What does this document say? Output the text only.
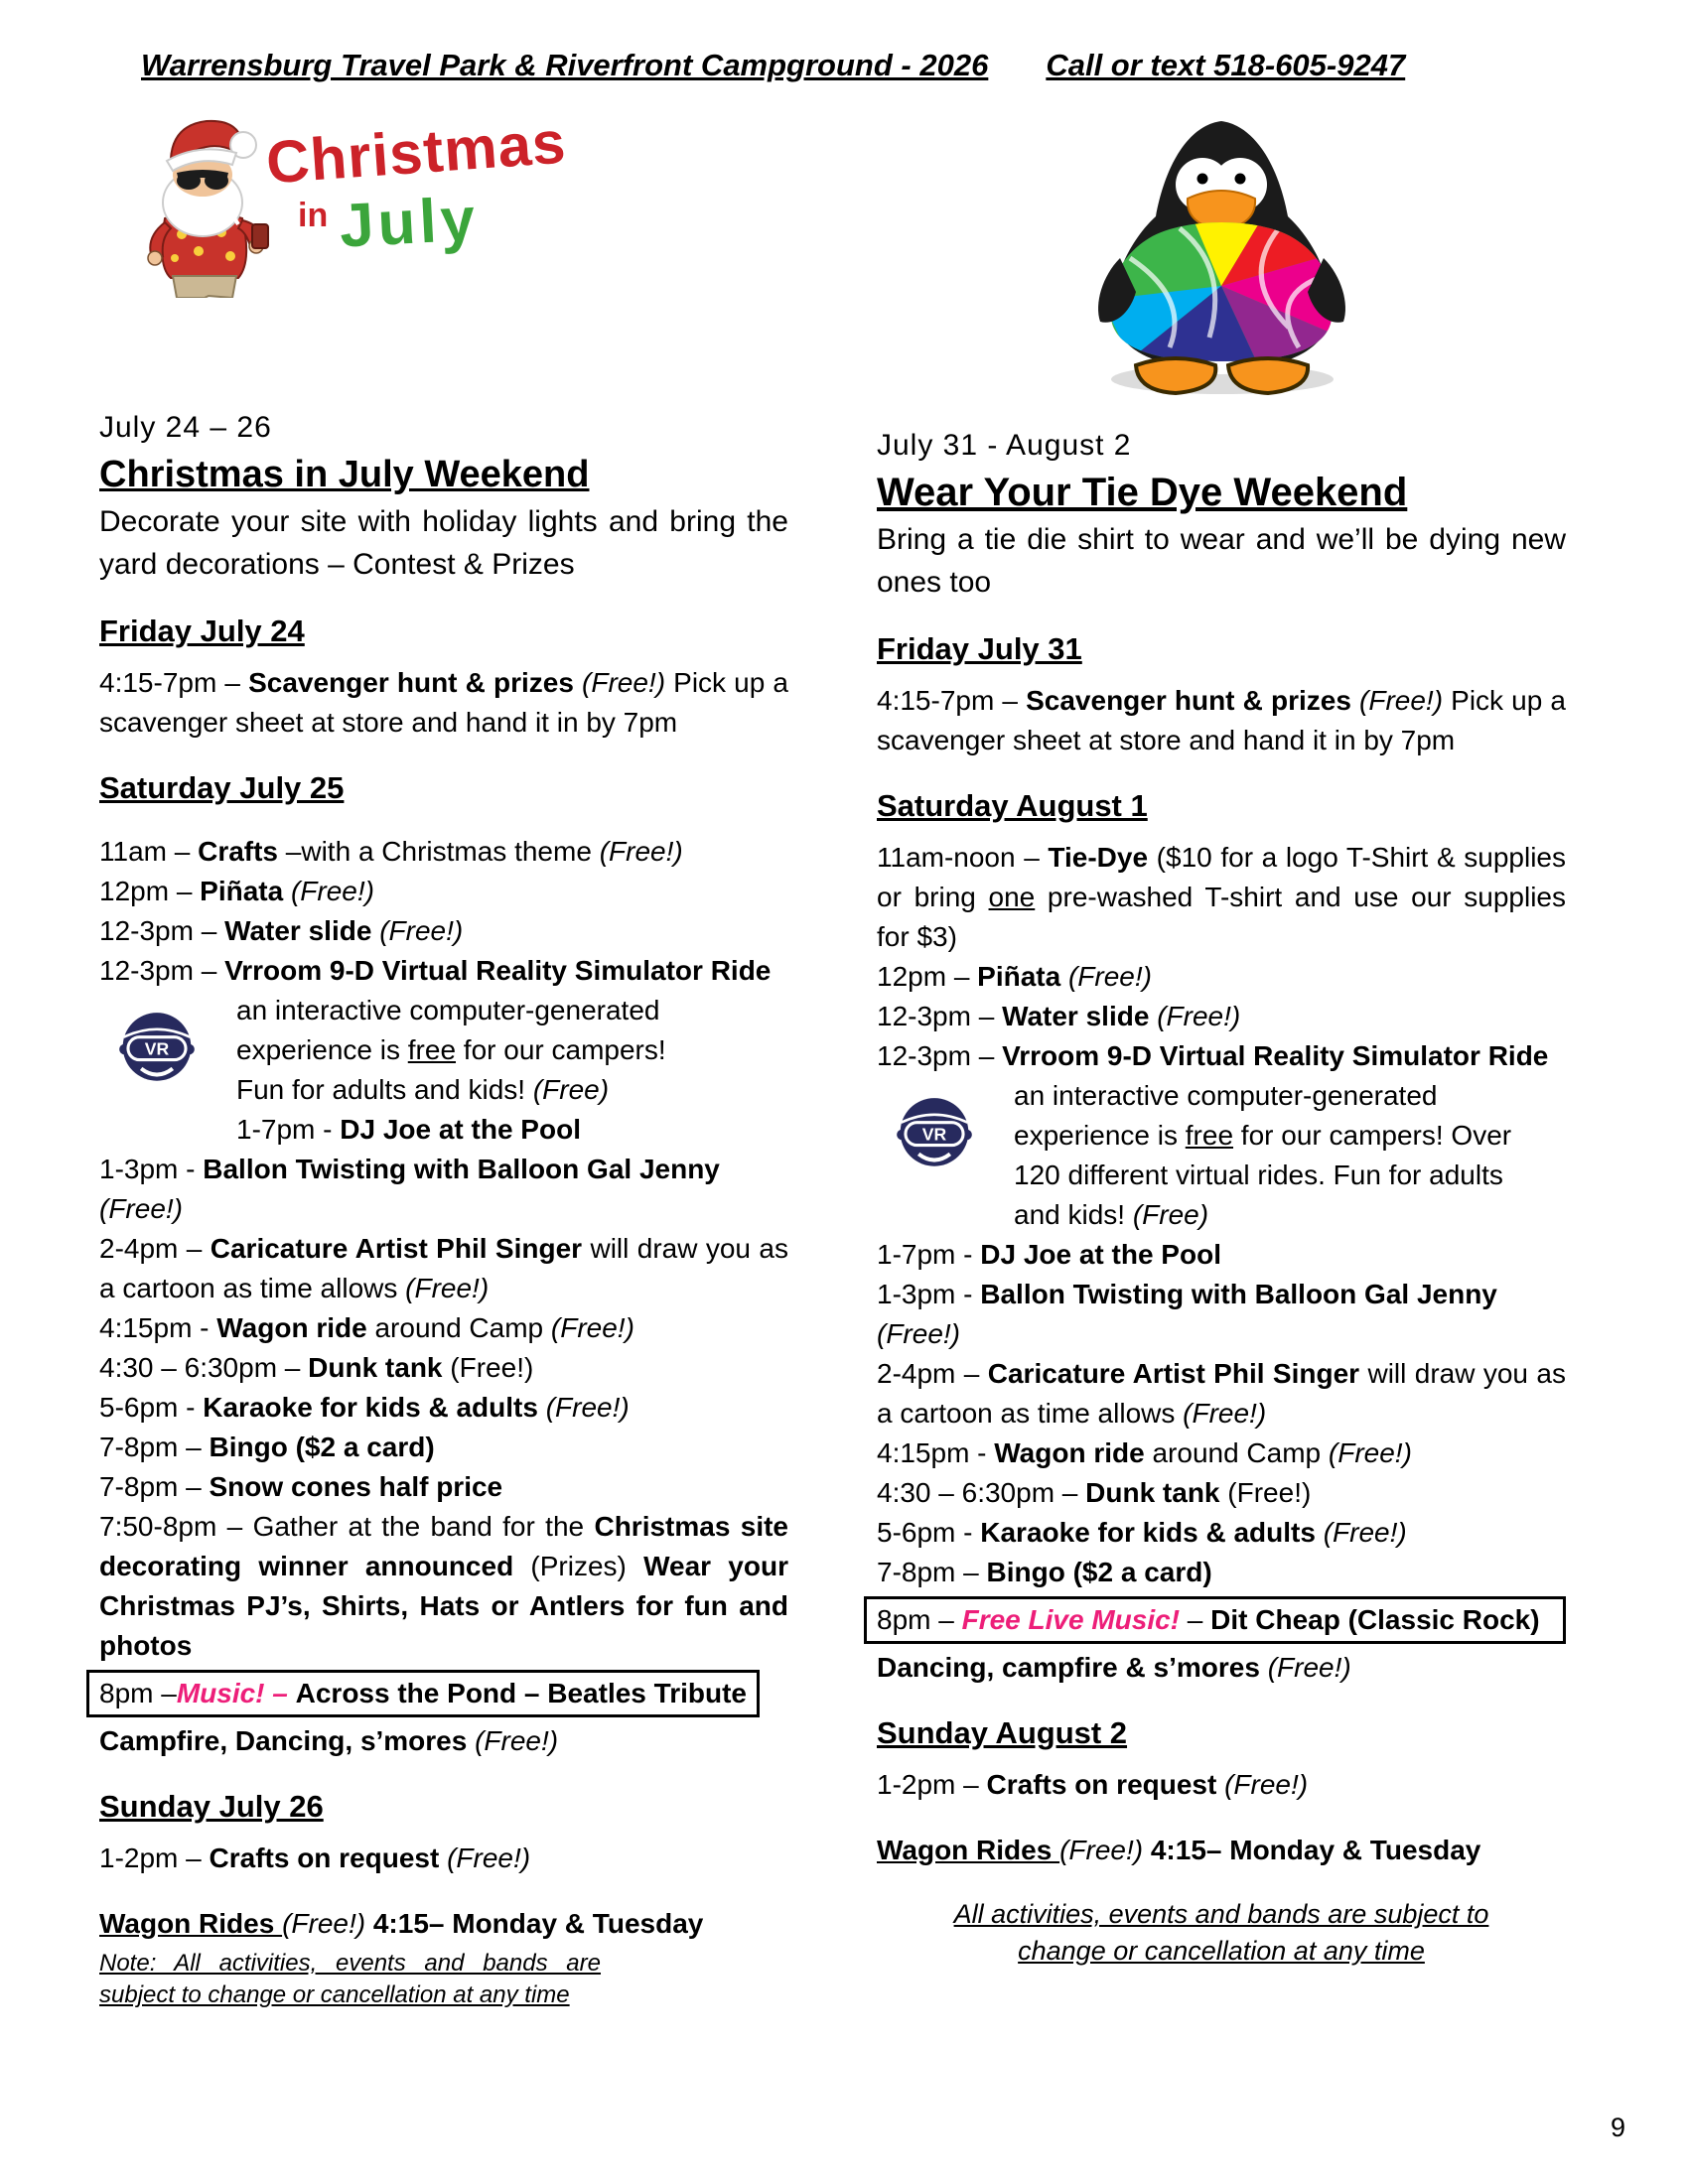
Warrensburg Travel Park & Riverfront Campground - 2026 Call or text 518-605-9247
Christmas
in July
July 24 – 26
Christmas in July Weekend
Decorate your site with holiday lights and bring the yard decorations – Contest & Prizes
Friday July 24
4:15-7pm – Scavenger hunt & prizes (Free!) Pick up a scavenger sheet at store and hand it in by 7pm
Saturday July 25
11am – Crafts –with a Christmas theme (Free!)
12pm – Piñata (Free!)
12-3pm – Water slide (Free!)
12-3pm – Vrroom 9-D Virtual Reality Simulator Ride
VR
an interactive computer-generated experience is free for our campers! Fun for adults and kids! (Free)
1-7pm - DJ Joe at the Pool
1-3pm - Ballon Twisting with Balloon Gal Jenny (Free!)
2-4pm – Caricature Artist Phil Singer will draw you as a cartoon as time allows (Free!)
4:15pm - Wagon ride around Camp (Free!)
4:30 – 6:30pm – Dunk tank (Free!)
5-6pm - Karaoke for kids & adults (Free!)
7-8pm – Bingo ($2 a card)
7-8pm – Snow cones half price
7:50-8pm – Gather at the band for the Christmas site decorating winner announced (Prizes) Wear your Christmas PJ’s, Shirts, Hats or Antlers for fun and photos
8pm –Music! – Across the Pond – Beatles Tribute
Campfire, Dancing, s’mores (Free!)
Sunday July 26
1-2pm – Crafts on request (Free!)
Wagon Rides (Free!) 4:15– Monday & Tuesday
Note: All activities, events and bands are subject to change or cancellation at any time
July 31 - August 2
Wear Your Tie Dye Weekend
Bring a tie die shirt to wear and we’ll be dying new ones too
Friday July 31
4:15-7pm – Scavenger hunt & prizes (Free!) Pick up a scavenger sheet at store and hand it in by 7pm
Saturday August 1
11am-noon – Tie-Dye ($10 for a logo T-Shirt & supplies or bring one pre-washed T-shirt and use our supplies for $3)
12pm – Piñata (Free!)
12-3pm – Water slide (Free!)
12-3pm – Vrroom 9-D Virtual Reality Simulator Ride
VR
an interactive computer-generated experience is free for our campers! Over 120 different virtual rides. Fun for adults and kids! (Free)
1-7pm - DJ Joe at the Pool
1-3pm - Ballon Twisting with Balloon Gal Jenny (Free!)
2-4pm – Caricature Artist Phil Singer will draw you as a cartoon as time allows (Free!)
4:15pm - Wagon ride around Camp (Free!)
4:30 – 6:30pm – Dunk tank (Free!)
5-6pm - Karaoke for kids & adults (Free!)
7-8pm – Bingo ($2 a card)
8pm – Free Live Music! – Dit Cheap (Classic Rock)
Dancing, campfire & s’mores (Free!)
Sunday August 2
1-2pm – Crafts on request (Free!)
Wagon Rides (Free!) 4:15– Monday & Tuesday
All activities, events and bands are subject to change or cancellation at any time
9
